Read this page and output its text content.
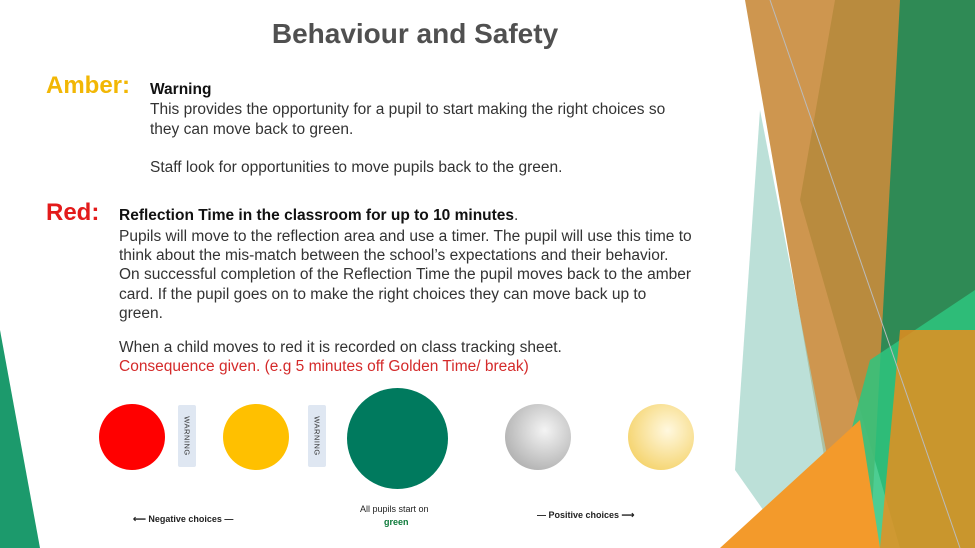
Behaviour and Safety
Amber: Warning
This provides the opportunity for a pupil to start making the right choices so
they can move back to green.
Staff look for opportunities to move pupils back to the green.
Red: Reflection Time in the classroom for up to 10 minutes.
Pupils will move to the reflection area and use a timer. The pupil will use this time to
think about the mis-match between the school’s expectations and their behavior.
On successful completion of the Reflection Time the pupil moves back to the amber
card. If the pupil goes on to make the right choices they can move back up to
green.
When a child moves to red it is recorded on class tracking sheet.
Consequence given. (e.g 5 minutes off Golden Time/ break)
WARNING	WARNING
All pupils start on
green
⟵ Negative choices —	— Positive choices ⟶
